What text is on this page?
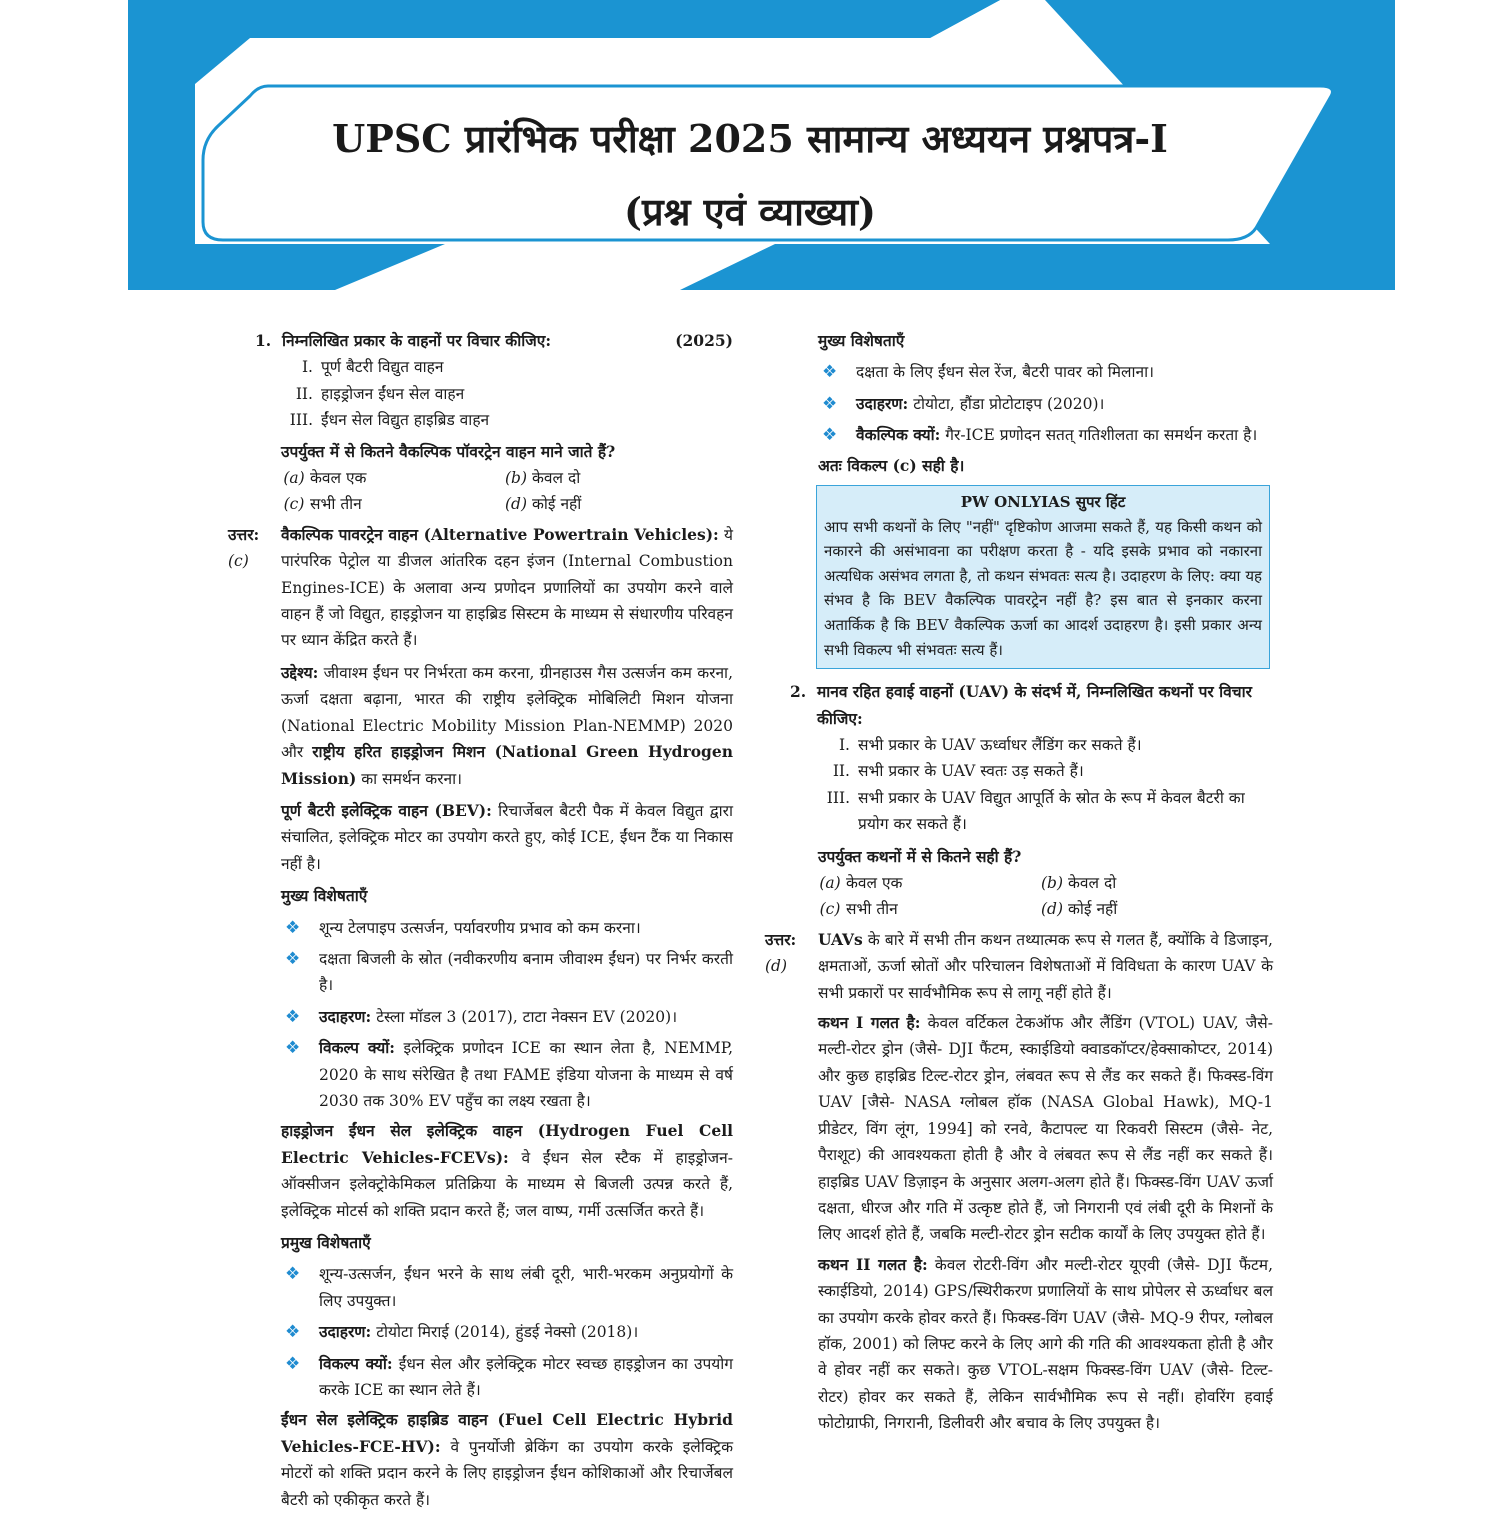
UPSC प्रारंभिक परीक्षा 2025 सामान्य अध्ययन प्रश्नपत्र-I
(प्रश्न एवं व्याख्या)
1. निम्नलिखित प्रकार के वाहनों पर विचार कीजिए:	(2025)
I. पूर्ण बैटरी विद्युत वाहन
II. हाइड्रोजन ईंधन सेल वाहन
III. ईंधन सेल विद्युत हाइब्रिड वाहन
उपर्युक्त में से कितने वैकल्पिक पॉवरट्रेन वाहन माने जाते हैं?
(a) केवल एक	(b) केवल दो
(c) सभी तीन	(d) कोई नहीं
उत्तर: (c)

वैकल्पिक पावरट्रेन वाहन (Alternative Powertrain Vehicles): ये पारंपरिक पेट्रोल या डीजल आंतरिक दहन इंजन (Internal Combustion Engines-ICE) के अलावा अन्य प्रणोदन प्रणालियों का उपयोग करने वाले वाहन हैं जो विद्युत, हाइड्रोजन या हाइब्रिड सिस्टम के माध्यम से संधारणीय परिवहन पर ध्यान केंद्रित करते हैं।

उद्देश्य: जीवाश्म ईंधन पर निर्भरता कम करना, ग्रीनहाउस गैस उत्सर्जन कम करना, ऊर्जा दक्षता बढ़ाना, भारत की राष्ट्रीय इलेक्ट्रिक मोबिलिटी मिशन योजना (National Electric Mobility Mission Plan-NEMMP) 2020 और राष्ट्रीय हरित हाइड्रोजन मिशन (National Green Hydrogen Mission) का समर्थन करना।

पूर्ण बैटरी इलेक्ट्रिक वाहन (BEV): रिचार्जेबल बैटरी पैक में केवल विद्युत द्वारा संचालित, इलेक्ट्रिक मोटर का उपयोग करते हुए, कोई ICE, ईंधन टैंक या निकास नहीं है।

मुख्य विशेषताएँ
❖	शून्य टेलपाइप उत्सर्जन, पर्यावरणीय प्रभाव को कम करना।
❖	दक्षता बिजली के स्रोत (नवीकरणीय बनाम जीवाश्म ईंधन) पर निर्भर करती है।
❖	उदाहरण: टेस्ला मॉडल 3 (2017), टाटा नेक्सन EV (2020)।
❖	विकल्प क्यों: इलेक्ट्रिक प्रणोदन ICE का स्थान लेता है, NEMMP, 2020 के साथ संरेखित है तथा FAME इंडिया योजना के माध्यम से वर्ष 2030 तक 30% EV पहुँच का लक्ष्य रखता है।

हाइड्रोजन ईंधन सेल इलेक्ट्रिक वाहन (Hydrogen Fuel Cell Electric Vehicles-FCEVs): वे ईंधन सेल स्टैक में हाइड्रोजन-ऑक्सीजन इलेक्ट्रोकेमिकल प्रतिक्रिया के माध्यम से बिजली उत्पन्न करते हैं, इलेक्ट्रिक मोटर्स को शक्ति प्रदान करते हैं; जल वाष्प, गर्मी उत्सर्जित करते हैं।

प्रमुख विशेषताएँ
❖	शून्य-उत्सर्जन, ईंधन भरने के साथ लंबी दूरी, भारी-भरकम अनुप्रयोगों के लिए उपयुक्त।
❖	उदाहरण: टोयोटा मिराई (2014), हुंडई नेक्सो (2018)।
❖	विकल्प क्यों: ईंधन सेल और इलेक्ट्रिक मोटर स्वच्छ हाइड्रोजन का उपयोग करके ICE का स्थान लेते हैं।

ईंधन सेल इलेक्ट्रिक हाइब्रिड वाहन (Fuel Cell Electric Hybrid Vehicles-FCE-HV): वे पुनर्योजी ब्रेकिंग का उपयोग करके इलेक्ट्रिक मोटरों को शक्ति प्रदान करने के लिए हाइड्रोजन ईंधन कोशिकाओं और रिचार्जेबल बैटरी को एकीकृत करते हैं।

मुख्य विशेषताएँ
❖	दक्षता के लिए ईंधन सेल रेंज, बैटरी पावर को मिलाना।
❖	उदाहरण: टोयोटा, हौंडा प्रोटोटाइप (2020)।
❖	वैकल्पिक क्यों: गैर-ICE प्रणोदन सतत् गतिशीलता का समर्थन करता है।
अतः विकल्प (c) सही है।
PW ONLYIAS सुपर हिंट
आप सभी कथनों के लिए "नहीं" दृष्टिकोण आजमा सकते हैं, यह किसी कथन को नकारने की असंभावना का परीक्षण करता है - यदि इसके प्रभाव को नकारना अत्यधिक असंभव लगता है, तो कथन संभवतः सत्य है। उदाहरण के लिए: क्या यह संभव है कि BEV वैकल्पिक पावरट्रेन नहीं है? इस बात से इनकार करना अतार्किक है कि BEV वैकल्पिक ऊर्जा का आदर्श उदाहरण है। इसी प्रकार अन्य सभी विकल्प भी संभवतः सत्य हैं।
2. मानव रहित हवाई वाहनों (UAV) के संदर्भ में, निम्नलिखित कथनों पर विचार कीजिए:
I. सभी प्रकार के UAV ऊर्ध्वाधर लैंडिंग कर सकते हैं।
II. सभी प्रकार के UAV स्वतः उड़ सकते हैं।
III. सभी प्रकार के UAV विद्युत आपूर्ति के स्रोत के रूप में केवल बैटरी का प्रयोग कर सकते हैं।
उपर्युक्त कथनों में से कितने सही हैं?
(a) केवल एक	(b) केवल दो
(c) सभी तीन	(d) कोई नहीं
उत्तर: (d)

UAVs के बारे में सभी तीन कथन तथ्यात्मक रूप से गलत हैं, क्योंकि वे डिजाइन, क्षमताओं, ऊर्जा स्रोतों और परिचालन विशेषताओं में विविधता के कारण UAV के सभी प्रकारों पर सार्वभौमिक रूप से लागू नहीं होते हैं।

कथन I गलत है: केवल वर्टिकल टेकऑफ और लैंडिंग (VTOL) UAV, जैसे- मल्टी-रोटर ड्रोन (जैसे- DJI फैंटम, स्काईडियो क्वाडकॉप्टर/हेक्साकोप्टर, 2014) और कुछ हाइब्रिड टिल्ट-रोटर ड्रोन, लंबवत रूप से लैंड कर सकते हैं। फिक्स्ड-विंग UAV [जैसे- NASA ग्लोबल हॉक (NASA Global Hawk), MQ-1 प्रीडेटर, विंग लूंग, 1994] को रनवे, कैटापल्ट या रिकवरी सिस्टम (जैसे- नेट, पैराशूट) की आवश्यकता होती है और वे लंबवत रूप से लैंड नहीं कर सकते हैं। हाइब्रिड UAV डिज़ाइन के अनुसार अलग-अलग होते हैं। फिक्स्ड-विंग UAV ऊर्जा दक्षता, धीरज और गति में उत्कृष्ट होते हैं, जो निगरानी एवं लंबी दूरी के मिशनों के लिए आदर्श होते हैं, जबकि मल्टी-रोटर ड्रोन सटीक कार्यों के लिए उपयुक्त होते हैं।

कथन II गलत है: केवल रोटरी-विंग और मल्टी-रोटर यूएवी (जैसे- DJI फैंटम, स्काईडियो, 2014) GPS/स्थिरीकरण प्रणालियों के साथ प्रोपेलर से ऊर्ध्वाधर बल का उपयोग करके होवर करते हैं। फिक्स्ड-विंग UAV (जैसे- MQ-9 रीपर, ग्लोबल हॉक, 2001) को लिफ्ट करने के लिए आगे की गति की आवश्यकता होती है और वे होवर नहीं कर सकते। कुछ VTOL-सक्षम फिक्स्ड-विंग UAV (जैसे- टिल्ट-रोटर) होवर कर सकते हैं, लेकिन सार्वभौमिक रूप से नहीं। होवरिंग हवाई फोटोग्राफी, निगरानी, डिलीवरी और बचाव के लिए उपयुक्त है।
